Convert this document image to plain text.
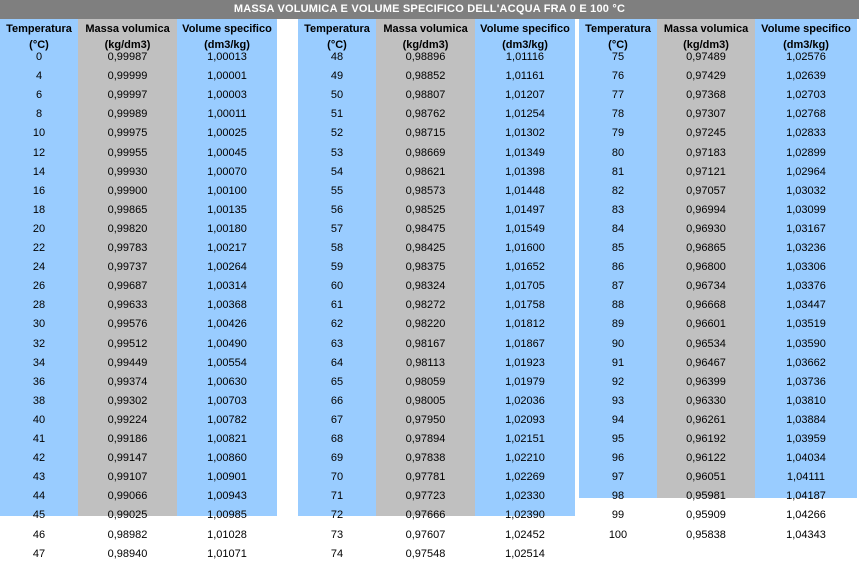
MASSA VOLUMICA E VOLUME SPECIFICO DELL'ACQUA FRA 0 E 100 °C
Temperatura
(°C)
0
4
6
8
10
12
14
16
18
20
22
24
26
28
30
32
34
36
38
40
41
42
43
44
45
46
47
Massa volumica
(kg/dm3)
0,99987
0,99999
0,99997
0,99989
0,99975
0,99955
0,99930
0,99900
0,99865
0,99820
0,99783
0,99737
0,99687
0,99633
0,99576
0,99512
0,99449
0,99374
0,99302
0,99224
0,99186
0,99147
0,99107
0,99066
0,99025
0,98982
0,98940
Volume specifico
(dm3/kg)
1,00013
1,00001
1,00003
1,00011
1,00025
1,00045
1,00070
1,00100
1,00135
1,00180
1,00217
1,00264
1,00314
1,00368
1,00426
1,00490
1,00554
1,00630
1,00703
1,00782
1,00821
1,00860
1,00901
1,00943
1,00985
1,01028
1,01071
Temperatura
(°C)
48
49
50
51
52
53
54
55
56
57
58
59
60
61
62
63
64
65
66
67
68
69
70
71
72
73
74
Massa volumica
(kg/dm3)
0,98896
0,98852
0,98807
0,98762
0,98715
0,98669
0,98621
0,98573
0,98525
0,98475
0,98425
0,98375
0,98324
0,98272
0,98220
0,98167
0,98113
0,98059
0,98005
0,97950
0,97894
0,97838
0,97781
0,97723
0,97666
0,97607
0,97548
Volume specifico
(dm3/kg)
1,01116
1,01161
1,01207
1,01254
1,01302
1,01349
1,01398
1,01448
1,01497
1,01549
1,01600
1,01652
1,01705
1,01758
1,01812
1,01867
1,01923
1,01979
1,02036
1,02093
1,02151
1,02210
1,02269
1,02330
1,02390
1,02452
1,02514
Temperatura
(°C)
75
76
77
78
79
80
81
82
83
84
85
86
87
88
89
90
91
92
93
94
95
96
97
98
99
100
Massa volumica
(kg/dm3)
0,97489
0,97429
0,97368
0,97307
0,97245
0,97183
0,97121
0,97057
0,96994
0,96930
0,96865
0,96800
0,96734
0,96668
0,96601
0,96534
0,96467
0,96399
0,96330
0,96261
0,96192
0,96122
0,96051
0,95981
0,95909
0,95838
Volume specifico
(dm3/kg)
1,02576
1,02639
1,02703
1,02768
1,02833
1,02899
1,02964
1,03032
1,03099
1,03167
1,03236
1,03306
1,03376
1,03447
1,03519
1,03590
1,03662
1,03736
1,03810
1,03884
1,03959
1,04034
1,04111
1,04187
1,04266
1,04343
